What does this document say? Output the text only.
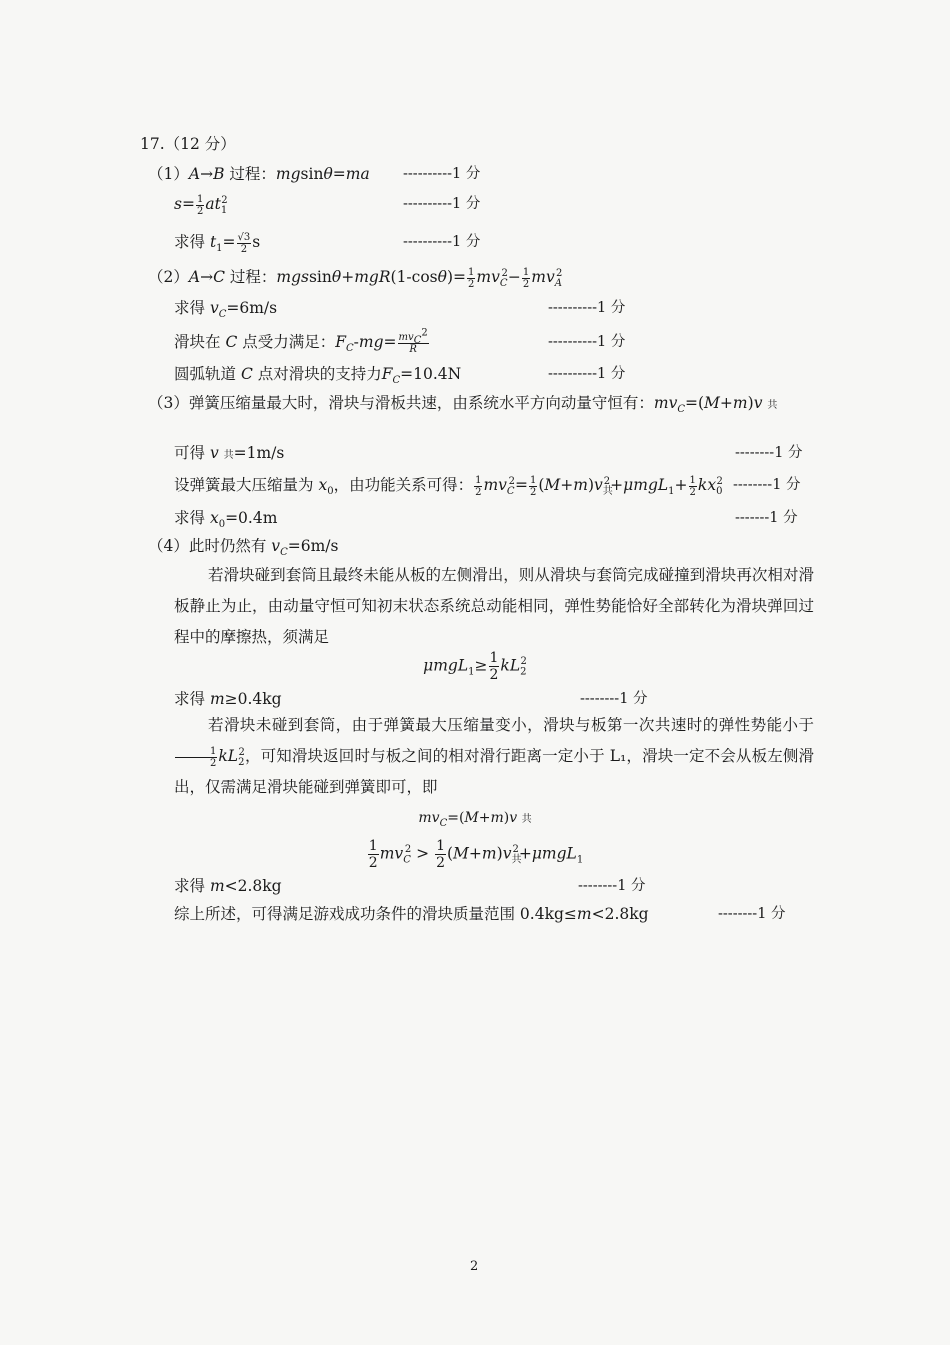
17.（12 分）
（1）A→B 过程：mgsinθ=ma ----------1 分
$s= \frac{1}{2} at_1^2$	----------1 分
求得 $t_1= \frac{√3}{2}$ s	----------1 分
（2）A→C 过程：$mgssin\theta+mgR(1-\cos\theta)= \frac{1}{2} mv_C^2- \frac{1}{2} mv_A^2$
求得 $v_C=6m/s$	----------1 分
滑块在 C 点受力满足：$F_C-mg= \frac{mv_C^2}{R}$	----------1 分
圆弧轨道 C 点对滑块的支持力$F_C=10.4N$	----------1 分
（3）弹簧压缩量最大时，滑块与滑板共速，由系统水平方向动量守恒有：$mv_C=(M+m)v$ 共
可得 v 共=1m/s	--------1 分
设弹簧最大压缩量为 $x_0$，由功能关系可得： $\frac{1}{2} mv_C^2= \frac{1}{2} (M+m)v_共^2+\mu mgL_1+ \frac{1}{2} kx_0^2$ --------1 分
求得 $x_0=0.4m$	-------1 分
（4）此时仍然有 $v_C=6m/s$
若滑块碰到套筒且最终未能从板的左侧滑出，则从滑块与套筒完成碰撞到滑块再次相对滑板静止为止，由动量守恒可知初末状态系统总动能相同，弹性势能恰好全部转化为滑块弹回过程中的摩擦热，须满足
$\mu mgL_1\ge \frac{1}{2} kL_2^2$
求得 m≥0.4kg	--------1 分
若滑块未碰到套筒，由于弹簧最大压缩量变小，滑块与板第一次共速时的弹性势能小于
$\frac{1}{2} kL_2^2$，可知滑块返回时与板之间的相对滑行距离一定小于 L₁，滑块一定不会从板左侧滑出，仅需满足滑块能碰到弹簧即可，即
$mv_C=(M+m)v$ 共
$\frac{1}{2} mv_C^2 > \frac{1}{2} (M+m)v_共^2+\mu mgL_1$
求得 m<2.8kg	--------1 分
综上所述，可得满足游戏成功条件的滑块质量范围 0.4kg≤m<2.8kg	--------1 分
2
